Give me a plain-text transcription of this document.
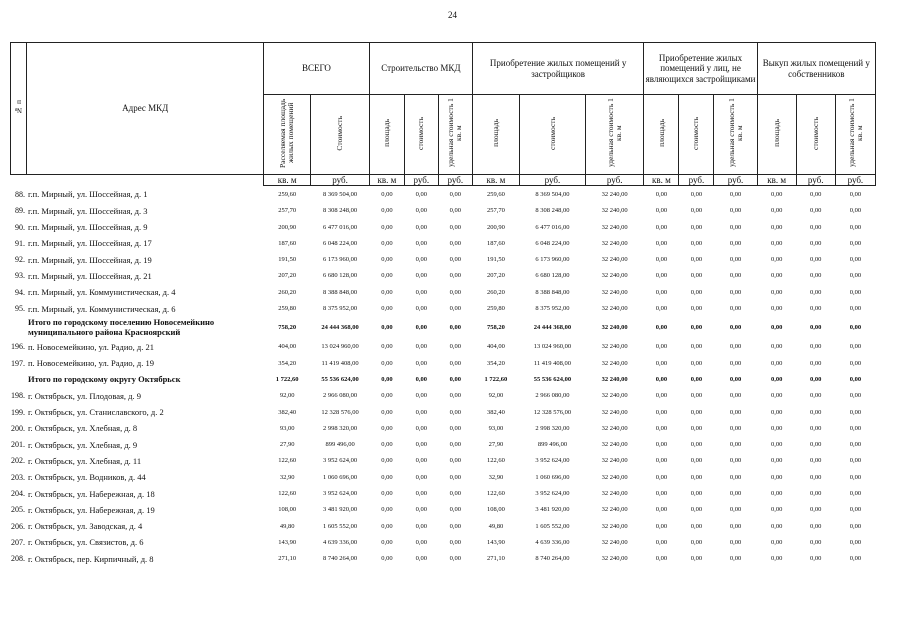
24
№ п	Адрес МКД	ВСЕГО		Строительство МКД			Приобретение жилых помещений у застройщиков			Приобретение жилых помещений у лиц, не являющихся застройщиками			Выкуп жилых помещений у собственников		
		Расселяемая площадь жилых помещений	Стоимость	площадь	стоимость	удельная стоимость 1 кв. м	площадь	стоимость	удельная стоимость 1 кв. м	площадь	стоимость	удельная стоимость 1 кв. м	площадь	стоимость	удельная стоимость 1 кв. м
		кв. м	руб.	кв. м	руб.	руб.	кв. м	руб.	руб.	кв. м	руб.	руб.	кв. м	руб.	руб.
88.	г.п. Мирный, ул. Шоссейная, д. 1	259,60	8 369 504,00	0,00	0,00	0,00	259,60	8 369 504,00	32 240,00	0,00	0,00	0,00	0,00	0,00	0,00
89.	г.п. Мирный, ул. Шоссейная, д. 3	257,70	8 308 248,00	0,00	0,00	0,00	257,70	8 308 248,00	32 240,00	0,00	0,00	0,00	0,00	0,00	0,00
90.	г.п. Мирный, ул. Шоссейная, д. 9	200,90	6 477 016,00	0,00	0,00	0,00	200,90	6 477 016,00	32 240,00	0,00	0,00	0,00	0,00	0,00	0,00
91.	г.п. Мирный, ул. Шоссейная, д. 17	187,60	6 048 224,00	0,00	0,00	0,00	187,60	6 048 224,00	32 240,00	0,00	0,00	0,00	0,00	0,00	0,00
92.	г.п. Мирный, ул. Шоссейная, д. 19	191,50	6 173 960,00	0,00	0,00	0,00	191,50	6 173 960,00	32 240,00	0,00	0,00	0,00	0,00	0,00	0,00
93.	г.п. Мирный, ул. Шоссейная, д. 21	207,20	6 680 128,00	0,00	0,00	0,00	207,20	6 680 128,00	32 240,00	0,00	0,00	0,00	0,00	0,00	0,00
94.	г.п. Мирный, ул. Коммунистическая, д. 4	260,20	8 388 848,00	0,00	0,00	0,00	260,20	8 388 848,00	32 240,00	0,00	0,00	0,00	0,00	0,00	0,00
95.	г.п. Мирный, ул. Коммунистическая, д. 6	259,80	8 375 952,00	0,00	0,00	0,00	259,80	8 375 952,00	32 240,00	0,00	0,00	0,00	0,00	0,00	0,00
	Итого по городскому поселению Новосемейкино муниципального района Красноярский	758,20	24 444 368,00	0,00	0,00	0,00	758,20	24 444 368,00	32 240,00	0,00	0,00	0,00	0,00	0,00	0,00
196.	п. Новосемейкино, ул. Радио, д. 21	404,00	13 024 960,00	0,00	0,00	0,00	404,00	13 024 960,00	32 240,00	0,00	0,00	0,00	0,00	0,00	0,00
197.	п. Новосемейкино, ул. Радио, д. 19	354,20	11 419 408,00	0,00	0,00	0,00	354,20	11 419 408,00	32 240,00	0,00	0,00	0,00	0,00	0,00	0,00
	Итого по городскому округу Октябрьск	1 722,60	55 536 624,00	0,00	0,00	0,00	1 722,60	55 536 624,00	32 240,00	0,00	0,00	0,00	0,00	0,00	0,00
198.	г. Октябрьск, ул. Плодовая, д. 9	92,00	2 966 080,00	0,00	0,00	0,00	92,00	2 966 080,00	32 240,00	0,00	0,00	0,00	0,00	0,00	0,00
199.	г. Октябрьск, ул. Станиславского, д. 2	382,40	12 328 576,00	0,00	0,00	0,00	382,40	12 328 576,00	32 240,00	0,00	0,00	0,00	0,00	0,00	0,00
200.	г. Октябрьск, ул. Хлебная, д. 8	93,00	2 998 320,00	0,00	0,00	0,00	93,00	2 998 320,00	32 240,00	0,00	0,00	0,00	0,00	0,00	0,00
201.	г. Октябрьск, ул. Хлебная, д. 9	27,90	899 496,00	0,00	0,00	0,00	27,90	899 496,00	32 240,00	0,00	0,00	0,00	0,00	0,00	0,00
202.	г. Октябрьск, ул. Хлебная, д. 11	122,60	3 952 624,00	0,00	0,00	0,00	122,60	3 952 624,00	32 240,00	0,00	0,00	0,00	0,00	0,00	0,00
203.	г. Октябрьск, ул. Водников, д. 44	32,90	1 060 696,00	0,00	0,00	0,00	32,90	1 060 696,00	32 240,00	0,00	0,00	0,00	0,00	0,00	0,00
204.	г. Октябрьск, ул. Набережная, д. 18	122,60	3 952 624,00	0,00	0,00	0,00	122,60	3 952 624,00	32 240,00	0,00	0,00	0,00	0,00	0,00	0,00
205.	г. Октябрьск, ул. Набережная, д. 19	108,00	3 481 920,00	0,00	0,00	0,00	108,00	3 481 920,00	32 240,00	0,00	0,00	0,00	0,00	0,00	0,00
206.	г. Октябрьск, ул. Заводская, д. 4	49,80	1 605 552,00	0,00	0,00	0,00	49,80	1 605 552,00	32 240,00	0,00	0,00	0,00	0,00	0,00	0,00
207.	г. Октябрьск, ул. Связистов, д. 6	143,90	4 639 336,00	0,00	0,00	0,00	143,90	4 639 336,00	32 240,00	0,00	0,00	0,00	0,00	0,00	0,00
208.	г. Октябрьск, пер. Кирпичный, д. 8	271,10	8 740 264,00	0,00	0,00	0,00	271,10	8 740 264,00	32 240,00	0,00	0,00	0,00	0,00	0,00	0,00
